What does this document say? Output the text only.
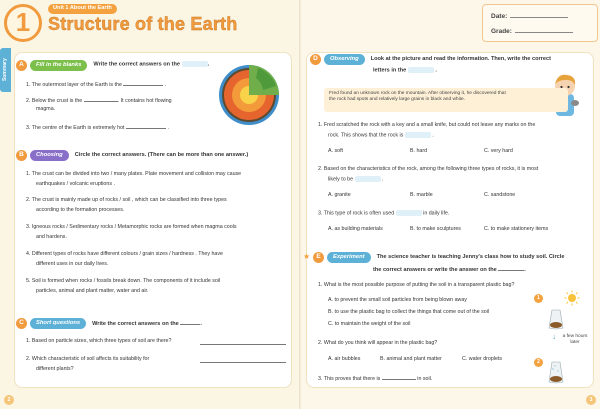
1	Unit 1 About the Earth
Structure of the Earth	Date:
Grade:
Summary	A	Fill in the blanks	Write the correct answers on the	.
1. The outermost layer of the Earth is the	.
2. Below the crust is the	. It contains hot flowing
magma.
3. The centre of the Earth is extremely hot	.
B	Choosing	Circle the correct answers. (There can be more than one answer.)
1. The crust can be divided into two / many plates. Plate movement and collision may cause
earthquakes / volcanic eruptions .
2. The crust is mainly made up of rocks / soil , which can be classified into three types
according to the formation processes.
3. Igneous rocks / Sedimentary rocks / Metamorphic rocks are formed when magma cools
and hardens.
4. Different types of rocks have different colours / grain sizes / hardness . They have
different uses in our daily lives.
5. Soil is formed when rocks / fossils break down. The components of it include soil
particles, animal and plant matter, water and air.
C	Short questions	Write the correct answers on the	.
1. Based on particle sizes, which three types of soil are there?
2. Which characteristic of soil affects its suitability for
different plants?
D	Observing	Look at the picture and read the information. Then, write the correct
letters in the	.
Fred found an unknown rock on the mountain. After observing it, he discovered that
the rock had spots and relatively large grains in black and white.
1. Fred scratched the rock with a key and a small knife, but could not leave any marks on the
rock. This shows that the rock is	.
A. soft	B. hard	C. very hard
2. Based on the characteristics of the rock, among the following three types of rocks, it is most
likely to be	.
A. granite	B. marble	C. sandstone
3. This type of rock is often used	in daily life.
A. as building materials	B. to make sculptures	C. to make stationery items
★ E	Experiment	The science teacher is teaching Jenny's class how to study soil. Circle
the correct answers or write the answer on the	.
1. What is the most possible purpose of putting the soil in a transparent plastic bag?
A. to prevent the small soil particles from being blown away
B. to use the plastic bag to collect the things that come out of the soil
C. to maintain the weight of the soil
2. What do you think will appear in the plastic bag?
A. air bubbles	B. animal and plant matter	C. water droplets
3. This proves that there is	in soil.
1
↓ a few hours later
2
2	3
